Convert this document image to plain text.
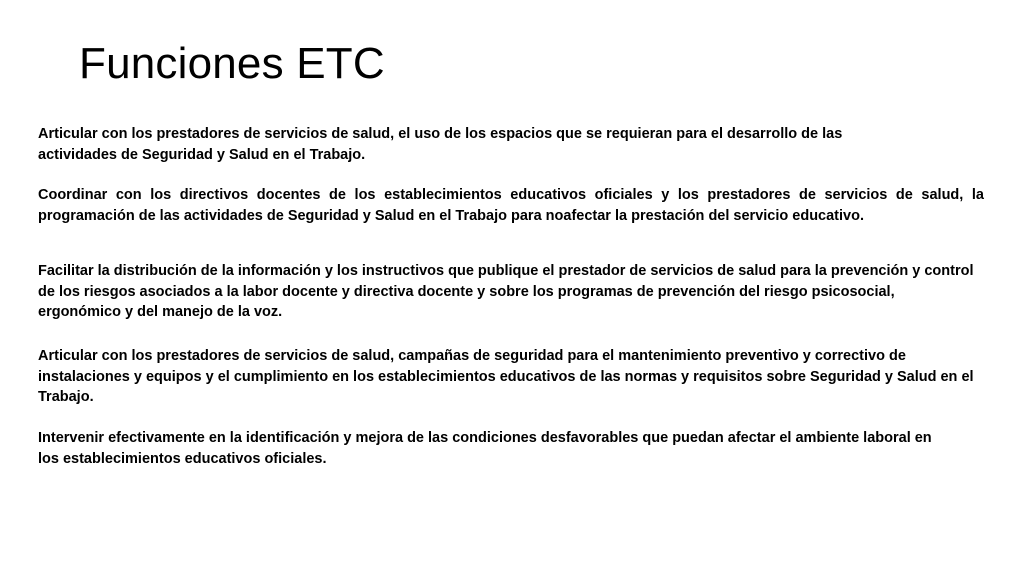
Funciones ETC

Articular con los prestadores de servicios de salud, el uso de los espacios que se requieran para el desarrollo de las actividades de Seguridad y Salud en el Trabajo.

Coordinar con los directivos docentes de los establecimientos educativos oficiales y los prestadores de servicios de salud, la programación de las actividades de Seguridad y Salud en el Trabajo para noafectar la prestación del servicio educativo.

Facilitar la distribución de la información y los instructivos que publique el prestador de servicios de salud para la prevención y control de los riesgos asociados a la labor docente y directiva docente y sobre los programas de prevención del riesgo psicosocial, ergonómico y del manejo de la voz.

Articular con los prestadores de servicios de salud, campañas de seguridad para el mantenimiento preventivo y correctivo de instalaciones y equipos y el cumplimiento en los establecimientos educativos de las normas y requisitos sobre Seguridad y Salud en el Trabajo.

Intervenir efectivamente en la identificación y mejora de las condiciones desfavorables que puedan afectar el ambiente laboral en los establecimientos educativos oficiales.
